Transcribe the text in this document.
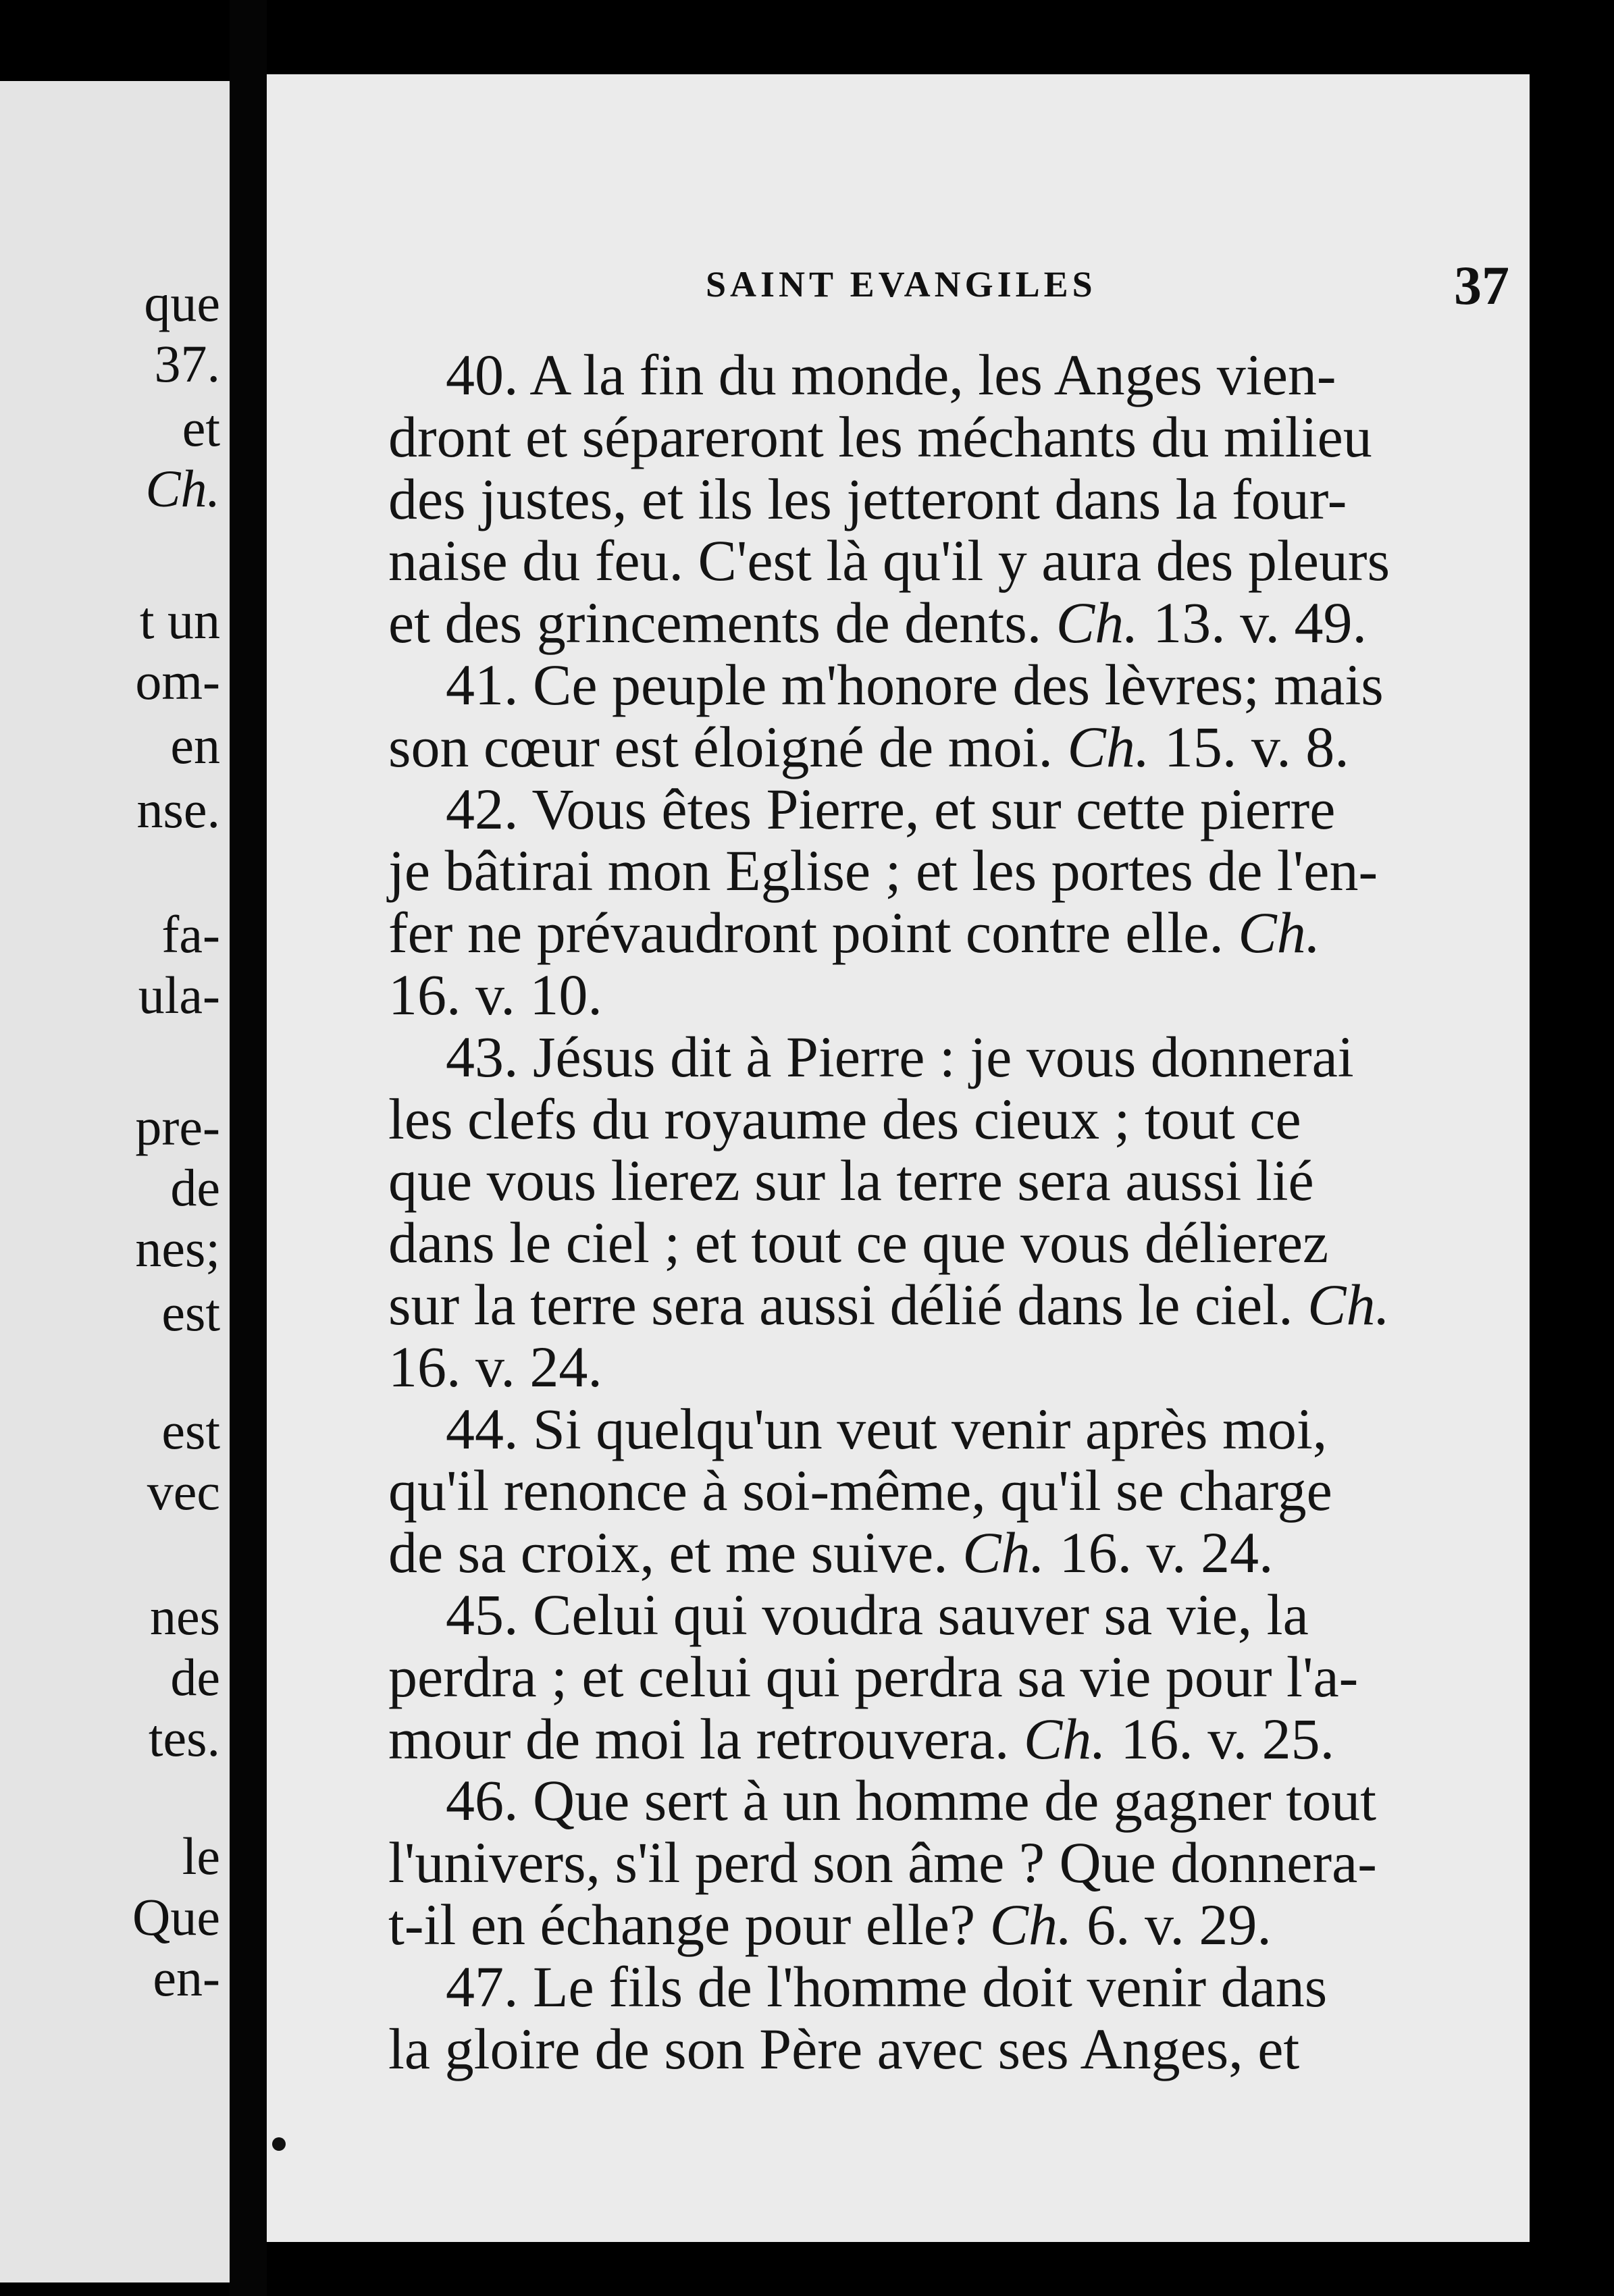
que
37.
et
Ch.
t un
om-
en
nse.
fa-
ula-
pre-
de
nes;
est
est
vec
nes
de
tes.
le
Que
en-
SAINT EVANGILES	37
40. A la fin du monde, les Anges vien-
dront et sépareront les méchants du milieu
des justes, et ils les jetteront dans la four-
naise du feu. C'est là qu'il y aura des pleurs
et des grincements de dents. Ch. 13. v. 49.
41. Ce peuple m'honore des lèvres; mais
son cœur est éloigné de moi. Ch. 15. v. 8.
42. Vous êtes Pierre, et sur cette pierre
je bâtirai mon Eglise ; et les portes de l'en-
fer ne prévaudront point contre elle. Ch.
16. v. 10.
43. Jésus dit à Pierre : je vous donnerai
les clefs du royaume des cieux ; tout ce
que vous lierez sur la terre sera aussi lié
dans le ciel ; et tout ce que vous délierez
sur la terre sera aussi délié dans le ciel. Ch.
16. v. 24.
44. Si quelqu'un veut venir après moi,
qu'il renonce à soi-même, qu'il se charge
de sa croix, et me suive. Ch. 16. v. 24.
45. Celui qui voudra sauver sa vie, la
perdra ; et celui qui perdra sa vie pour l'a-
mour de moi la retrouvera. Ch. 16. v. 25.
46. Que sert à un homme de gagner tout
l'univers, s'il perd son âme ? Que donnera-
t-il en échange pour elle? Ch. 6. v. 29.
47. Le fils de l'homme doit venir dans
la gloire de son Père avec ses Anges, et
